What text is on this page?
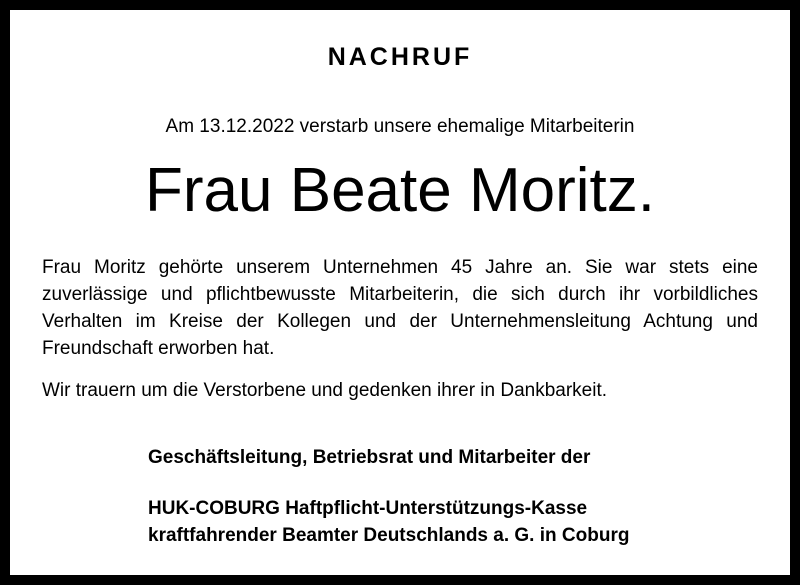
NACHRUF
Am 13.12.2022 verstarb unsere ehemalige Mitarbeiterin
Frau Beate Moritz.
Frau Moritz gehörte unserem Unternehmen 45 Jahre an. Sie war stets eine
zuverlässige und pflichtbewusste Mitarbeiterin, die sich durch ihr vorbildliches
Verhalten im Kreise der Kollegen und der Unternehmensleitung Achtung und
Freundschaft erworben hat.
Wir trauern um die Verstorbene und gedenken ihrer in Dankbarkeit.
Geschäftsleitung, Betriebsrat und Mitarbeiter der
HUK-COBURG Haftpflicht-Unterstützungs-Kasse
kraftfahrender Beamter Deutschlands a. G. in Coburg
